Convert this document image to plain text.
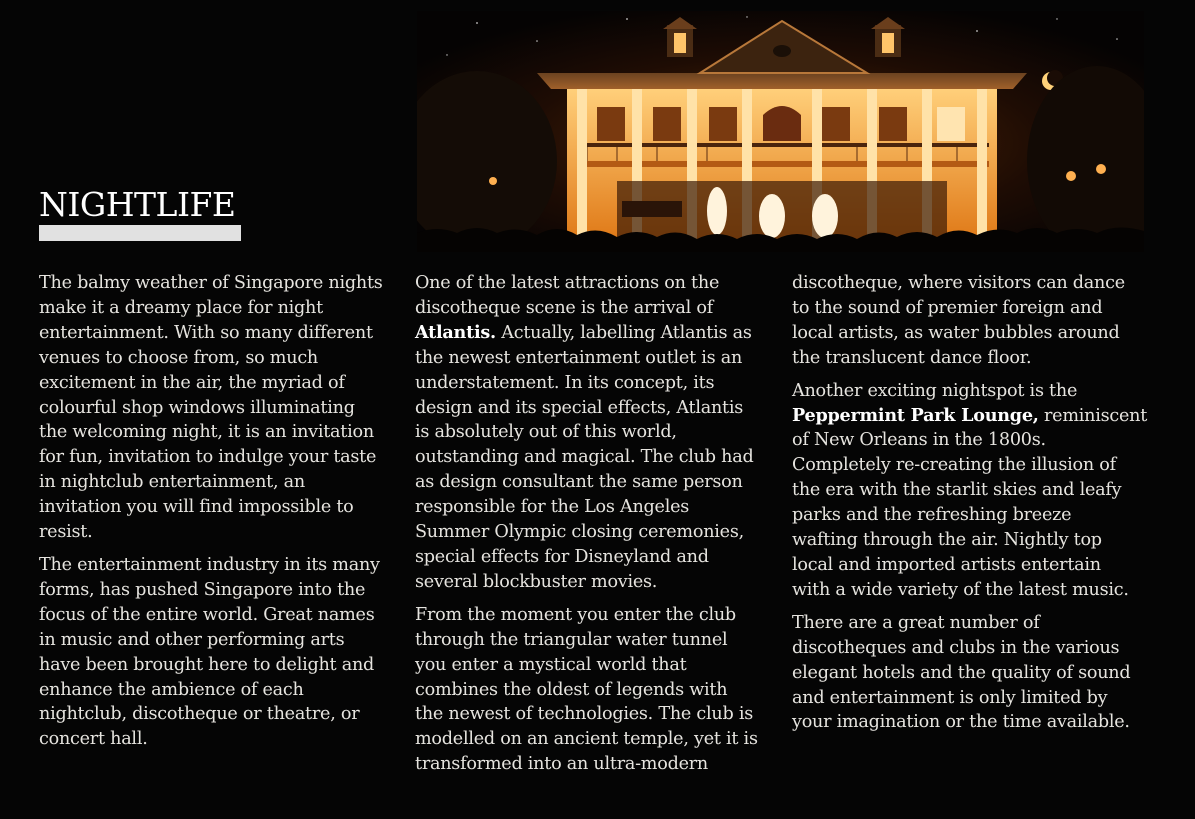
NIGHTLIFE

The balmy weather of Singapore nights
make it a dreamy place for night
entertainment. With so many different
venues to choose from, so much
excitement in the air, the myriad of
colourful shop windows illuminating
the welcoming night, it is an invitation
for fun, invitation to indulge your taste
in nightclub entertainment, an
invitation you will find impossible to
resist.

The entertainment industry in its many
forms, has pushed Singapore into the
focus of the entire world. Great names
in music and other performing arts
have been brought here to delight and
enhance the ambience of each
nightclub, discotheque or theatre, or
concert hall.

One of the latest attractions on the
discotheque scene is the arrival of
Atlantis. Actually, labelling Atlantis as
the newest entertainment outlet is an
understatement. In its concept, its
design and its special effects, Atlantis
is absolutely out of this world,
outstanding and magical. The club had
as design consultant the same person
responsible for the Los Angeles
Summer Olympic closing ceremonies,
special effects for Disneyland and
several blockbuster movies.

From the moment you enter the club
through the triangular water tunnel
you enter a mystical world that
combines the oldest of legends with
the newest of technologies. The club is
modelled on an ancient temple, yet it is
transformed into an ultra-modern

discotheque, where visitors can dance
to the sound of premier foreign and
local artists, as water bubbles around
the translucent dance floor.

Another exciting nightspot is the
Peppermint Park Lounge, reminiscent
of New Orleans in the 1800s.
Completely re-creating the illusion of
the era with the starlit skies and leafy
parks and the refreshing breeze
wafting through the air. Nightly top
local and imported artists entertain
with a wide variety of the latest music.

There are a great number of
discotheques and clubs in the various
elegant hotels and the quality of sound
and entertainment is only limited by
your imagination or the time available.
